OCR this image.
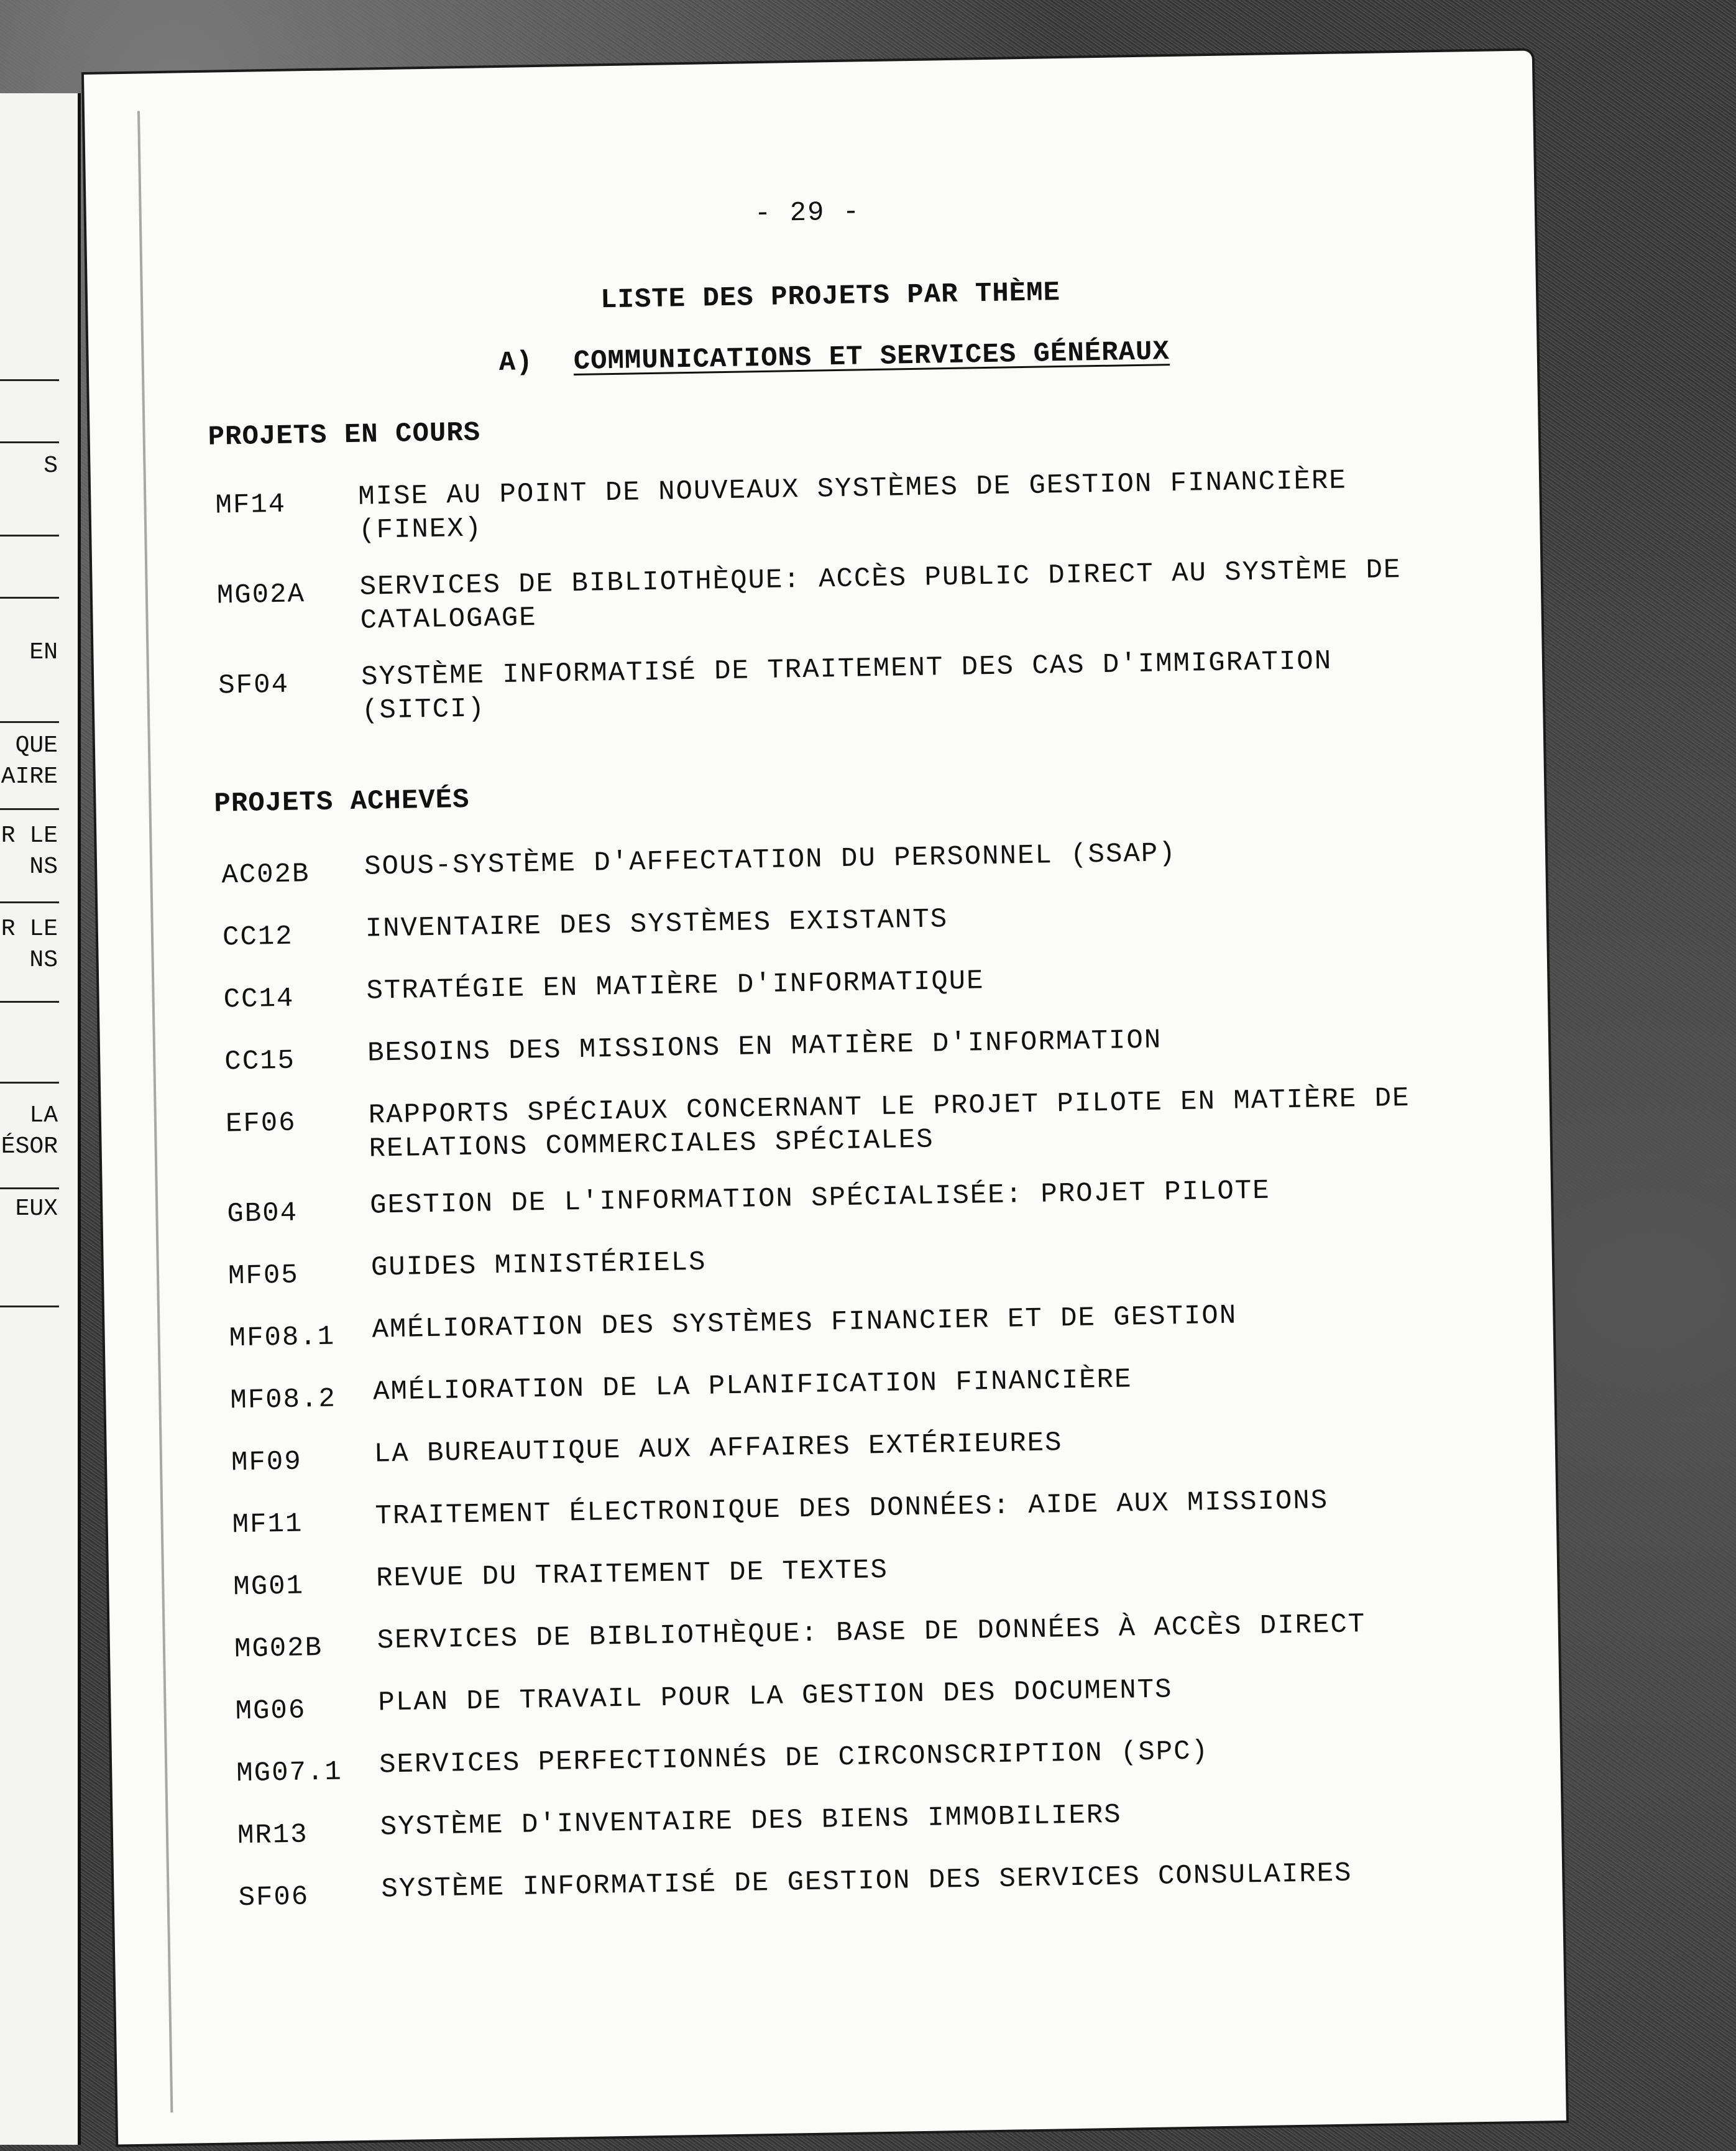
S
EN
QUE
AIRE
R LE
NS
R LE
NS
LA
ÉSOR
EUX
- 29 -
LISTE DES PROJETS PAR THÈME
A) COMMUNICATIONS ET SERVICES GÉNÉRAUX
PROJETS EN COURS
MF14	MISE AU POINT DE NOUVEAUX SYSTÈMES DE GESTION FINANCIÈRE (FINEX)
MG02A SERVICES DE BIBLIOTHÈQUE: ACCÈS PUBLIC DIRECT AU SYSTÈME DE CATALOGAGE
SF04	SYSTÈME INFORMATISÉ DE TRAITEMENT DES CAS D'IMMIGRATION (SITCI)
PROJETS ACHEVÉS
AC02B SOUS-SYSTÈME D'AFFECTATION DU PERSONNEL (SSAP)
CC12	INVENTAIRE DES SYSTÈMES EXISTANTS
CC14	STRATÉGIE EN MATIÈRE D'INFORMATIQUE
CC15	BESOINS DES MISSIONS EN MATIÈRE D'INFORMATION
EF06	RAPPORTS SPÉCIAUX CONCERNANT LE PROJET PILOTE EN MATIÈRE DE RELATIONS COMMERCIALES SPÉCIALES
GB04	GESTION DE L'INFORMATION SPÉCIALISÉE: PROJET PILOTE
MF05	GUIDES MINISTÉRIELS
MF08.1 AMÉLIORATION DES SYSTÈMES FINANCIER ET DE GESTION
MF08.2 AMÉLIORATION DE LA PLANIFICATION FINANCIÈRE
MF09	LA BUREAUTIQUE AUX AFFAIRES EXTÉRIEURES
MF11	TRAITEMENT ÉLECTRONIQUE DES DONNÉES: AIDE AUX MISSIONS
MG01	REVUE DU TRAITEMENT DE TEXTES
MG02B SERVICES DE BIBLIOTHÈQUE: BASE DE DONNÉES À ACCÈS DIRECT
MG06	PLAN DE TRAVAIL POUR LA GESTION DES DOCUMENTS
MG07.1 SERVICES PERFECTIONNÉS DE CIRCONSCRIPTION (SPC)
MR13	SYSTÈME D'INVENTAIRE DES BIENS IMMOBILIERS
SF06	SYSTÈME INFORMATISÉ DE GESTION DES SERVICES CONSULAIRES
